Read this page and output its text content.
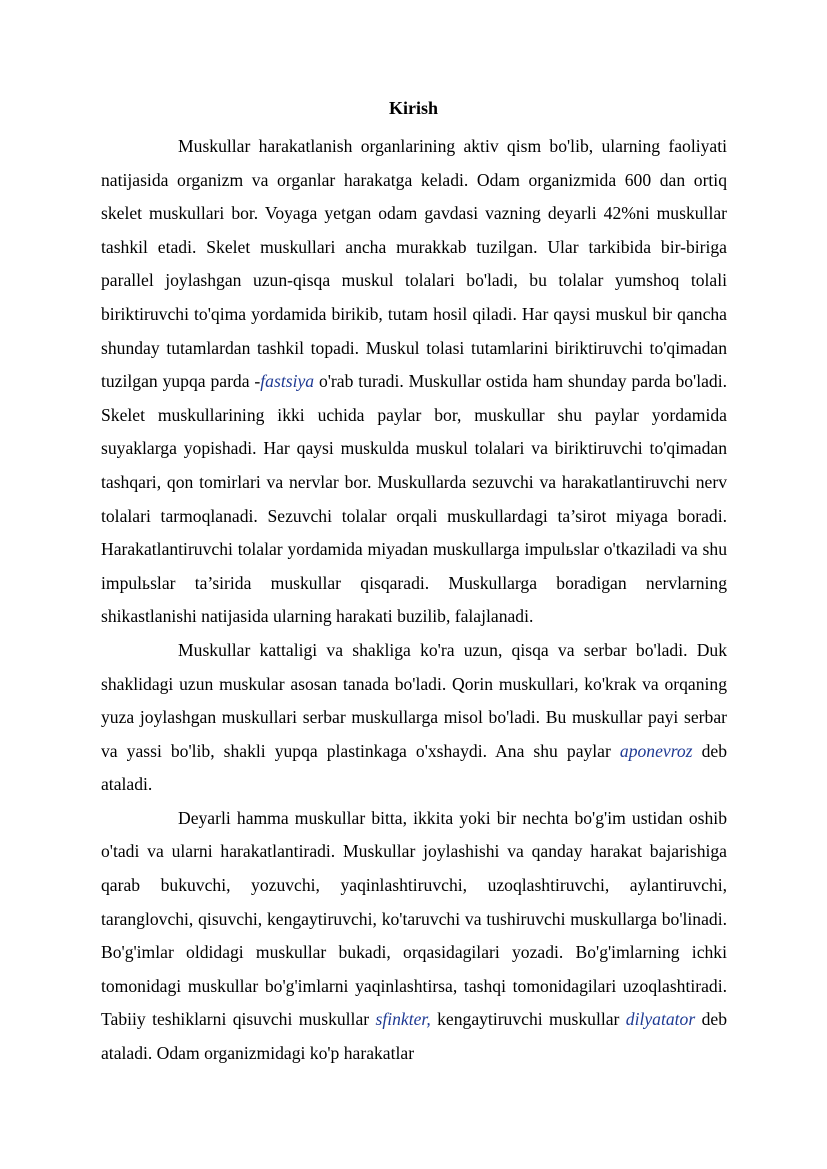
Kirish

Muskullar harakatlanish organlarining aktiv qism bo'lib, ularning faoliyati natijasida organizm va organlar harakatga keladi. Odam organizmida 600 dan ortiq skelet muskullari bor. Voyaga yetgan odam gavdasi vazning deyarli 42%ni muskullar tashkil etadi. Skelet muskullari ancha murakkab tuzilgan. Ular tarkibida bir-biriga parallel joylashgan uzun-qisqa muskul tolalari bo'ladi, bu tolalar yumshoq tolali biriktiruvchi to'qima yordamida birikib, tutam hosil qiladi. Har qaysi muskul bir qancha shunday tutamlardan tashkil topadi. Muskul tolasi tutamlarini biriktiruvchi to'qimadan tuzilgan yupqa parda -fastsiya o'rab turadi. Muskullar ostida ham shunday parda bo'ladi. Skelet muskullarining ikki uchida paylar bor, muskullar shu paylar yordamida suyaklarga yopishadi. Har qaysi muskulda muskul tolalari va biriktiruvchi to'qimadan tashqari, qon tomirlari va nervlar bor. Muskullarda sezuvchi va harakatlantiruvchi nerv tolalari tarmoqlanadi. Sezuvchi tolalar orqali muskullardagi ta’sirot miyaga boradi. Harakatlantiruvchi tolalar yordamida miyadan muskullarga impulьslar o'tkaziladi va shu impulьslar ta’sirida muskullar qisqaradi. Muskullarga boradigan nervlarning shikastlanishi natijasida ularning harakati buzilib, falajlanadi.

Muskullar kattaligi va shakliga ko'ra uzun, qisqa va serbar bo'ladi. Duk shaklidagi uzun muskular asosan tanada bo'ladi. Qorin muskullari, ko'krak va orqaning yuza joylashgan muskullari serbar muskullarga misol bo'ladi. Bu muskullar payi serbar va yassi bo'lib, shakli yupqa plastinkaga o'xshaydi. Ana shu paylar aponevroz deb ataladi.

Deyarli hamma muskullar bitta, ikkita yoki bir nechta bo'g'im ustidan oshib o'tadi va ularni harakatlantiradi. Muskullar joylashishi va qanday harakat bajarishiga qarab bukuvchi, yozuvchi, yaqinlashtiruvchi, uzoqlashtiruvchi, aylantiruvchi, taranglovchi, qisuvchi, kengaytiruvchi, ko'taruvchi va tushiruvchi muskullarga bo'linadi. Bo'g'imlar oldidagi muskullar bukadi, orqasidagilari yozadi. Bo'g'imlarning ichki tomonidagi muskullar bo'g'imlarni yaqinlashtirsa, tashqi tomonidagilari uzoqlashtiradi. Tabiiy teshiklarni qisuvchi muskullar sfinkter, kengaytiruvchi muskullar dilyatator deb ataladi. Odam organizmidagi ko'p harakatlar
